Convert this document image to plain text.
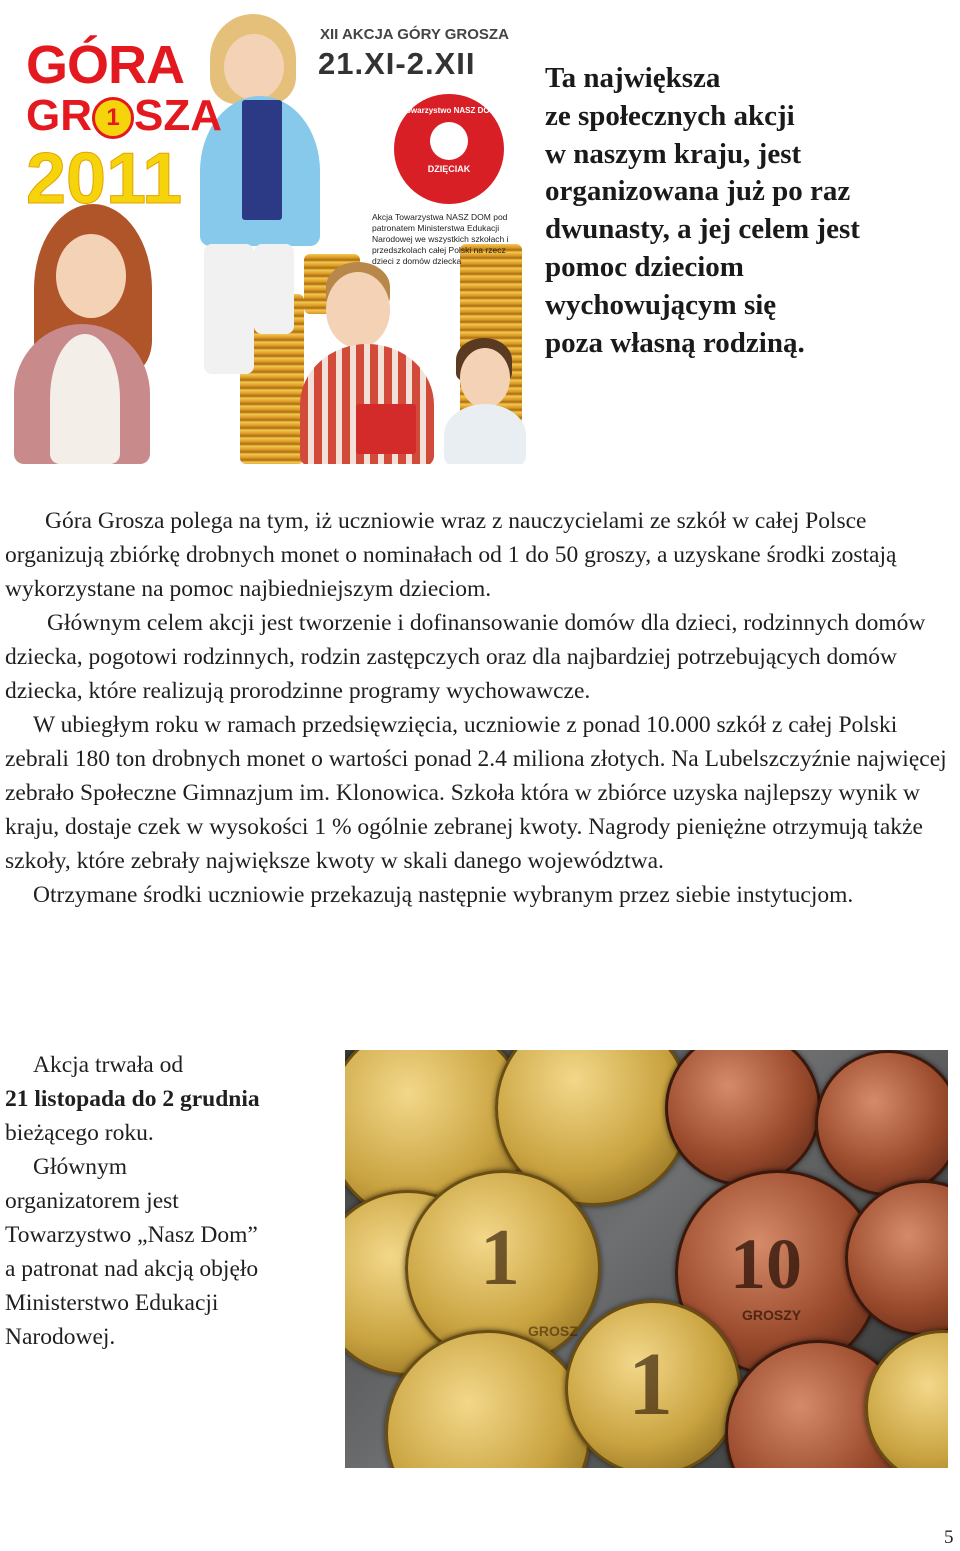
GÓRA
GR 1 SZA
2011
XII AKCJA GÓRY GROSZA
21.XI-2.XII
Towarzystwo NASZ DOM
DZIĘCIAK
Akcja Towarzystwa NASZ DOM pod patronatem Ministerstwa Edukacji Narodowej we wszystkich szkołach i przedszkolach całej Polski na rzecz dzieci z domów dziecka
Ta największa
ze społecznych akcji
w naszym kraju, jest
organizowana już po raz
dwunasty, a jej celem jest
pomoc dzieciom
wychowującym się
poza własną rodziną.

Góra Grosza polega na tym, iż uczniowie wraz z nauczycielami ze szkół w całej Polsce organizują zbiórkę drobnych monet o nominałach od 1 do 50 groszy, a uzyskane środki zostają wykorzystane na pomoc najbiedniejszym dzieciom.

Głównym celem akcji jest tworzenie i dofinansowanie domów dla dzieci, rodzinnych domów dziecka, pogotowi rodzinnych, rodzin zastępczych oraz dla najbardziej potrzebujących domów dziecka, które realizują prorodzinne programy wychowawcze.

W ubiegłym roku w ramach przedsięwzięcia, uczniowie z ponad 10.000 szkół z całej Polski zebrali 180 ton drobnych monet o wartości ponad 2.4 miliona złotych. Na Lubelszczyźnie najwięcej zebrało Społeczne Gimnazjum im. Klonowica. Szkoła która w zbiórce uzyska najlepszy wynik w kraju, dostaje czek w wysokości 1 % ogólnie zebranej kwoty. Nagrody pieniężne otrzymują także szkoły, które zebrały największe kwoty w skali danego województwa.

Otrzymane środki uczniowie przekazują następnie wybranym przez siebie instytucjom.

Akcja trwała od
21 listopada do 2 grudnia
bieżącego roku.
Głównym
organizatorem jest
Towarzystwo „Nasz Dom”
a patronat nad akcją objęło
Ministerstwo Edukacji
Narodowej.
1
GROSZ
10
GROSZY
1
5
